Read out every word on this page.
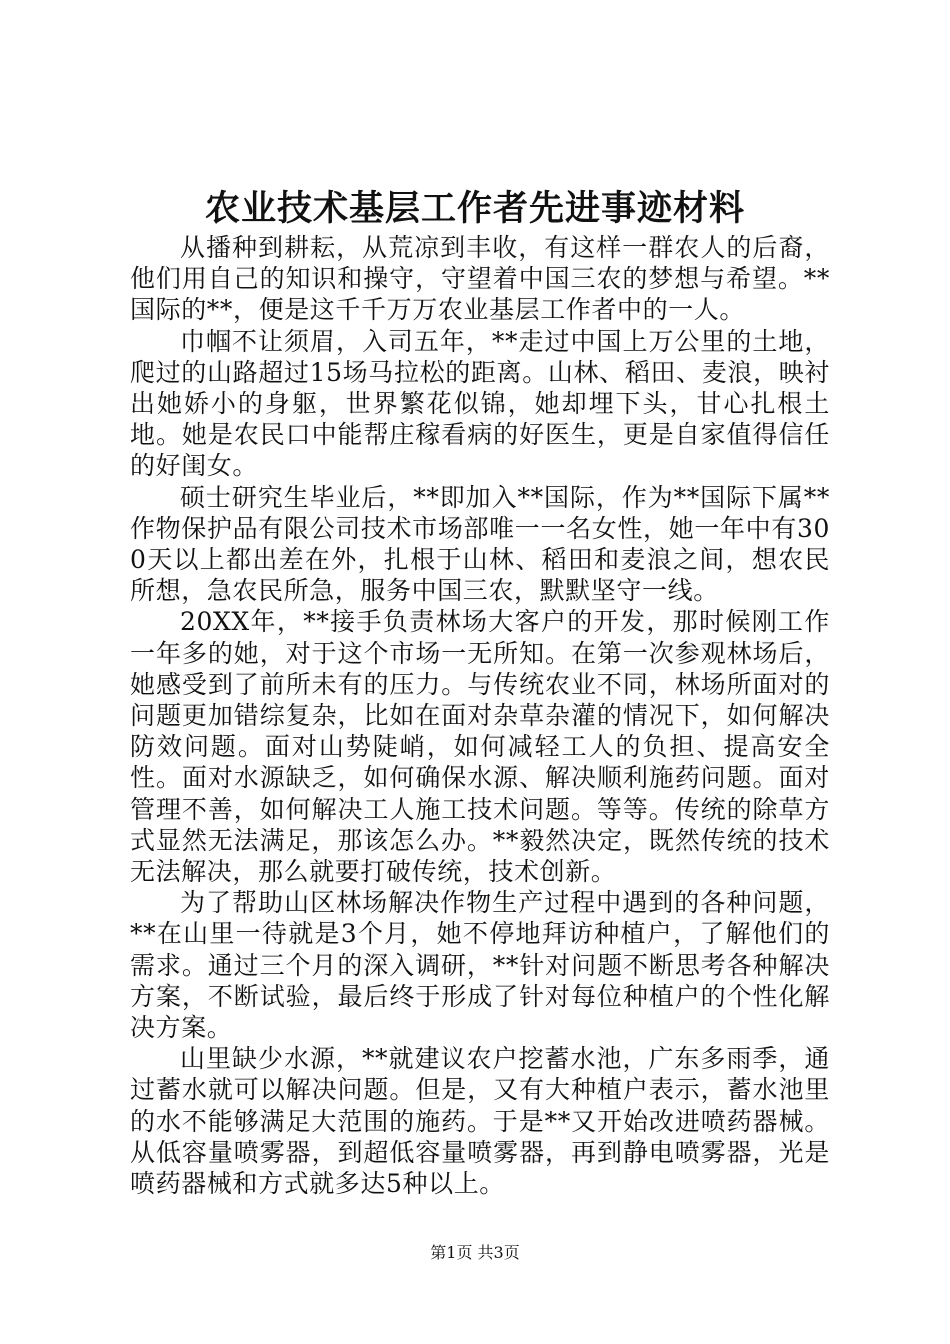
农业技术基层工作者先进事迹材料

从播种到耕耘，从荒凉到丰收，有这样一群农人的后裔，他们用自己的知识和操守，守望着中国三农的梦想与希望。**国际的**，便是这千千万万农业基层工作者中的一人。

巾帼不让须眉，入司五年，**走过中国上万公里的土地，爬过的山路超过15场马拉松的距离。山林、稻田、麦浪，映衬出她娇小的身躯，世界繁花似锦，她却埋下头，甘心扎根土地。她是农民口中能帮庄稼看病的好医生，更是自家值得信任的好闺女。

硕士研究生毕业后，**即加入**国际，作为**国际下属**作物保护品有限公司技术市场部唯一一名女性，她一年中有300天以上都出差在外，扎根于山林、稻田和麦浪之间，想农民所想，急农民所急，服务中国三农，默默坚守一线。

20XX年，**接手负责林场大客户的开发，那时候刚工作一年多的她，对于这个市场一无所知。在第一次参观林场后，她感受到了前所未有的压力。与传统农业不同，林场所面对的问题更加错综复杂，比如在面对杂草杂灌的情况下，如何解决防效问题。面对山势陡峭，如何减轻工人的负担、提高安全性。面对水源缺乏，如何确保水源、解决顺利施药问题。面对管理不善，如何解决工人施工技术问题。等等。传统的除草方式显然无法满足，那该怎么办。**毅然决定，既然传统的技术无法解决，那么就要打破传统，技术创新。

为了帮助山区林场解决作物生产过程中遇到的各种问题，**在山里一待就是3个月，她不停地拜访种植户，了解他们的需求。通过三个月的深入调研，**针对问题不断思考各种解决方案，不断试验，最后终于形成了针对每位种植户的个性化解决方案。

山里缺少水源，**就建议农户挖蓄水池，广东多雨季，通过蓄水就可以解决问题。但是，又有大种植户表示，蓄水池里的水不能够满足大范围的施药。于是**又开始改进喷药器械。从低容量喷雾器，到超低容量喷雾器，再到静电喷雾器，光是喷药器械和方式就多达5种以上。

第1页 共3页
